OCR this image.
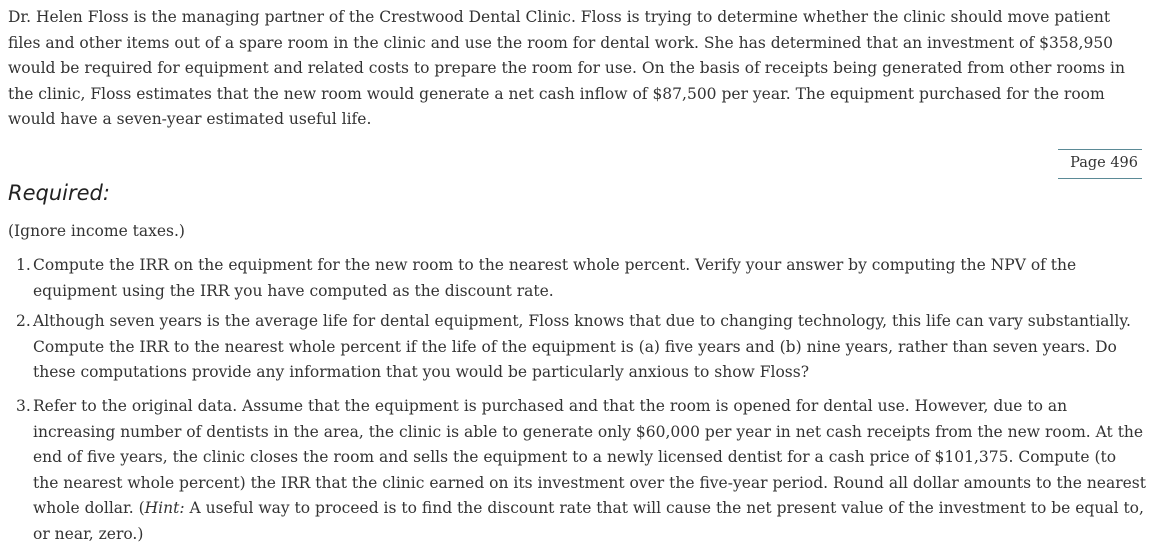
Dr. Helen Floss is the managing partner of the Crestwood Dental Clinic. Floss is trying to determine whether the clinic should move patient files and other items out of a spare room in the clinic and use the room for dental work. She has determined that an investment of $358,950 would be required for equipment and related costs to prepare the room for use. On the basis of receipts being generated from other rooms in the clinic, Floss estimates that the new room would generate a net cash inflow of $87,500 per year. The equipment purchased for the room would have a seven-year estimated useful life.

Page 496
Required:

(Ignore income taxes.)

1. Compute the IRR on the equipment for the new room to the nearest whole percent. Verify your answer by computing the NPV of the equipment using the IRR you have computed as the discount rate.
2. Although seven years is the average life for dental equipment, Floss knows that due to changing technology, this life can vary substantially. Compute the IRR to the nearest whole percent if the life of the equipment is (a) five years and (b) nine years, rather than seven years. Do these computations provide any information that you would be particularly anxious to show Floss?
3. Refer to the original data. Assume that the equipment is purchased and that the room is opened for dental use. However, due to an increasing number of dentists in the area, the clinic is able to generate only $60,000 per year in net cash receipts from the new room. At the end of five years, the clinic closes the room and sells the equipment to a newly licensed dentist for a cash price of $101,375. Compute (to the nearest whole percent) the IRR that the clinic earned on its investment over the five-year period. Round all dollar amounts to the nearest whole dollar. (Hint: A useful way to proceed is to find the discount rate that will cause the net present value of the investment to be equal to, or near, zero.)
